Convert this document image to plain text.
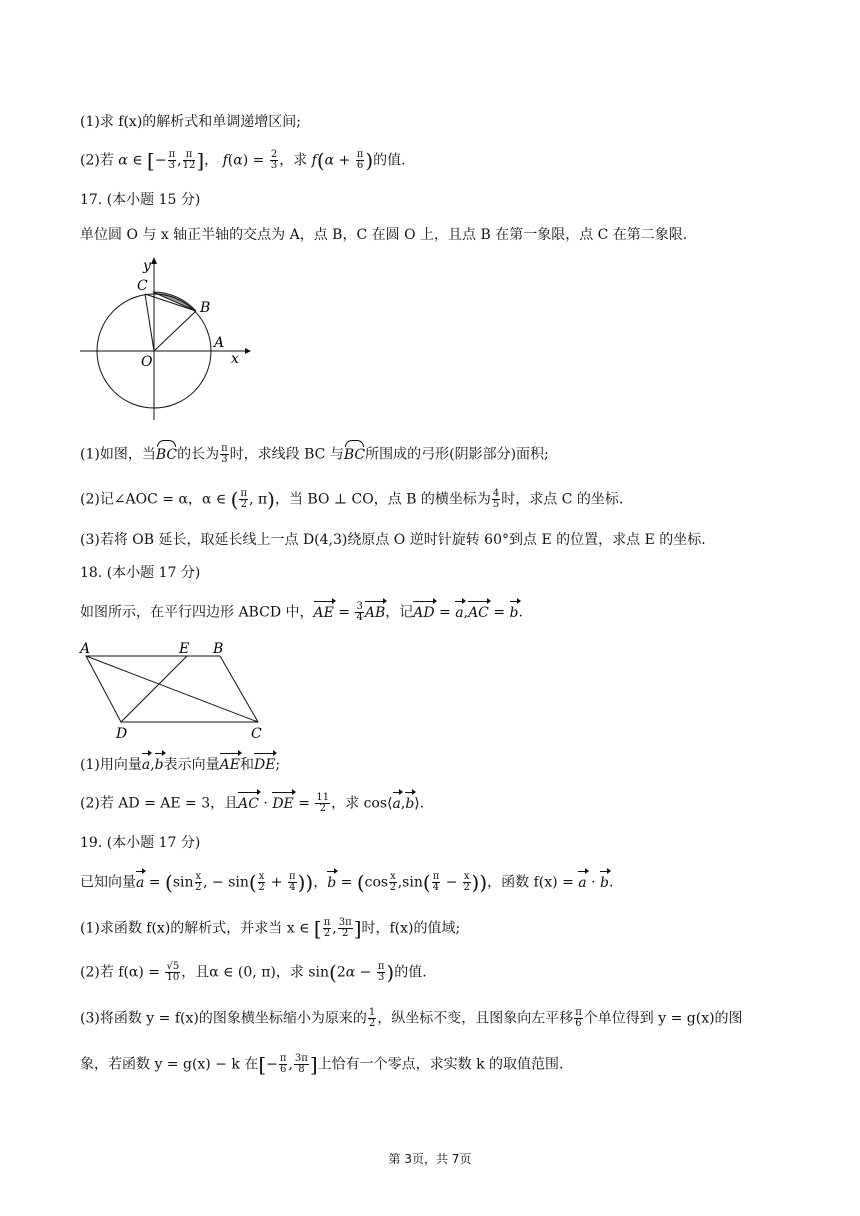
(1)求 f(x)的解析式和单调递增区间;
(2)若 α ∈ [− $\frac{\pi}{3}$ , $\frac{\pi}{12}$ ]， $f(\alpha) = \frac{2}{3}$ ，求 $f(\alpha + \frac{\pi}{6}$ )的值.
17. (本小题 15 分)
单位圆 O 与 x 轴正半轴的交点为 A，点 B，C 在圆 O 上，且点 B 在第一象限，点 C 在第二象限.
y
C
B
A
x
O
(1)如图，当BC的长为 $\frac{\pi}{3}$ 时，求线段 BC 与BC所围成的弓形(阴影部分)面积;
(2)记∠AOC = α，α ∈ ( $\frac{\pi}{2}$ , π)，当 BO ⊥ CO，点 B 的横坐标为 $\frac{4}{5}$ 时，求点 C 的坐标.
(3)若将 OB 延长，取延长线上一点 D(4,3)绕原点 O 逆时针旋转 60°到点 E 的位置，求点 E 的坐标.
18. (本小题 17 分)
如图所示，在平行四边形 ABCD 中，AE = $\frac{3}{4}$ AB，记AD = a,AC = b.
A	E B
D	C
(1)用向量a,b表示向量AE和DE;
(2)若 AD = AE = 3，且AC · DE = $\frac{11}{2}$ ，求 cos⟨a,b⟩.
19. (本小题 17 分)
已知向量$a = (\sin \frac{x}{2}$ , − $\sin( \frac{x}{2} + \frac{\pi}{4}$ ))，$b = (\cos \frac{x}{2} ,\sin( \frac{\pi}{4} - \frac{x}{2}$ ))，函数 f(x) = a · b.
(1)求函数 f(x)的解析式，并求当 x ∈ [ $\frac{\pi}{2}$ , $\frac{3\pi}{2}$ ]时，f(x)的值域;
(2)若 $f(\alpha) = \frac{√5}{10}$ ，且α ∈ (0, π)，求 $\sin(2\alpha - \frac{\pi}{3}$ )的值.
(3)将函数 y = f(x)的图象横坐标缩小为原来的 $\frac{1}{2}$ ，纵坐标不变，且图象向左平移 $\frac{\pi}{6}$ 个单位得到 y = g(x)的图
象，若函数 y = g(x) − k 在[− $\frac{\pi}{6}$ , $\frac{3\pi}{8}$ ]上恰有一个零点，求实数 k 的取值范围.
第 3页，共 7页
